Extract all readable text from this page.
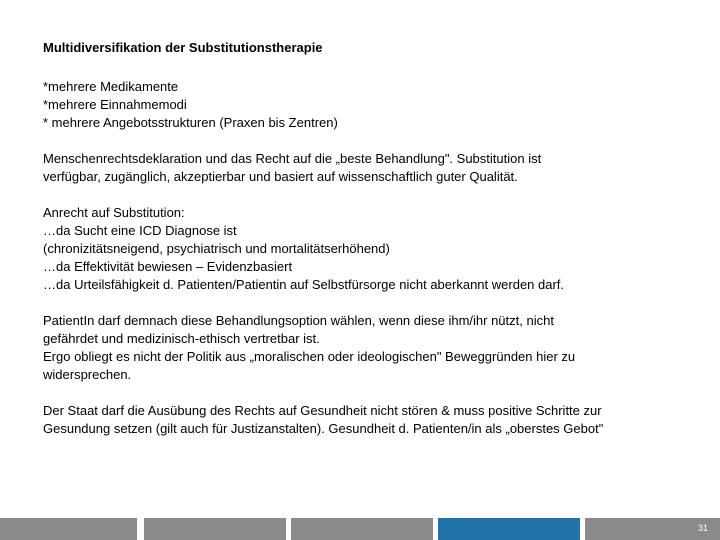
Multidiversifikation der Substitutionstherapie

*mehrere Medikamente

*mehrere Einnahmemodi

* mehrere Angebotsstrukturen (Praxen bis Zentren)

Menschenrechtsdeklaration und das Recht auf die „beste Behandlung". Substitution ist

verfügbar, zugänglich, akzeptierbar und basiert auf wissenschaftlich guter Qualität.

Anrecht auf Substitution:

…da Sucht eine ICD Diagnose ist

(chronizitätsneigend, psychiatrisch und mortalitätserhöhend)

…da Effektivität bewiesen – Evidenzbasiert

…da Urteilsfähigkeit d. Patienten/Patientin auf Selbstfürsorge nicht aberkannt werden darf.

PatientIn darf demnach diese Behandlungsoption wählen, wenn diese ihm/ihr nützt, nicht

gefährdet und medizinisch-ethisch vertretbar ist.

Ergo obliegt es nicht der Politik aus „moralischen oder ideologischen" Beweggründen hier zu

widersprechen.

Der Staat darf die Ausübung des Rechts auf Gesundheit nicht stören & muss positive Schritte zur

Gesundung setzen (gilt auch für Justizanstalten). Gesundheit d. Patienten/in als „oberstes Gebot"

31
